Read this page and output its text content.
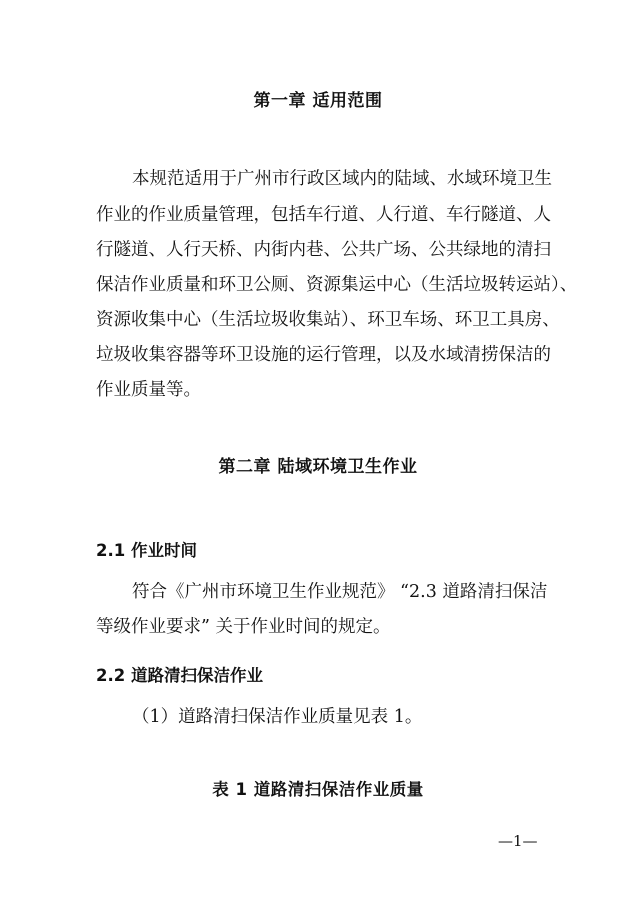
第一章 适用范围
本规范适用于广州市行政区域内的陆域、水域环境卫生
作业的作业质量管理，包括车行道、人行道、车行隧道、人
行隧道、人行天桥、内街内巷、公共广场、公共绿地的清扫
保洁作业质量和环卫公厕、资源集运中心（生活垃圾转运站）、
资源收集中心（生活垃圾收集站）、环卫车场、环卫工具房、
垃圾收集容器等环卫设施的运行管理，以及水域清捞保洁的
作业质量等。
第二章 陆域环境卫生作业
2.1 作业时间
符合《广州市环境卫生作业规范》 “2.3 道路清扫保洁
等级作业要求” 关于作业时间的规定。
2.2 道路清扫保洁作业
（1）道路清扫保洁作业质量见表 1。
表 1 道路清扫保洁作业质量
—1—
